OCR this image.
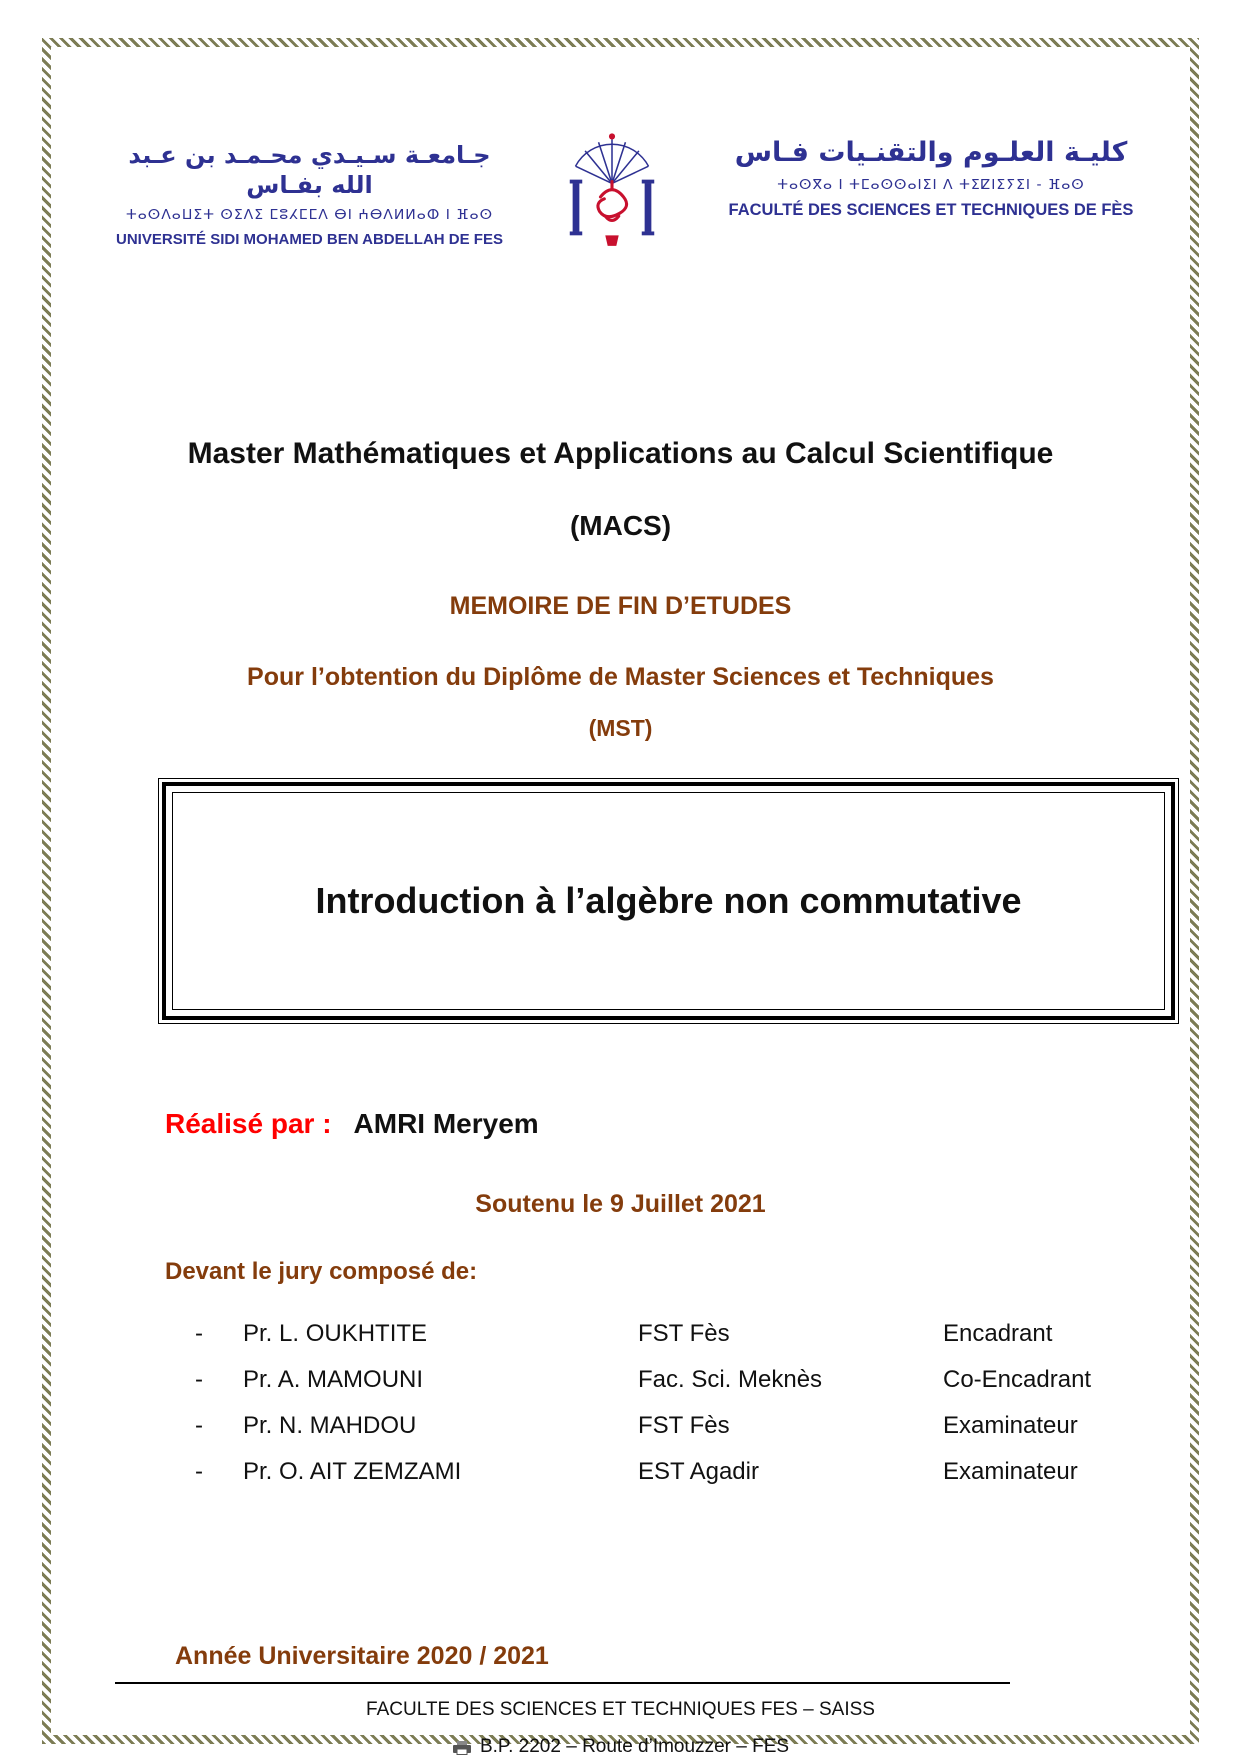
جـامعـة سـيـدي محـمـد بن عـبد الله بفـاس
ⵜⴰⵙⴷⴰⵡⵉⵜ ⵙⵉⴷⵉ ⵎⵓⵃⵎⵎⴷ ⴱⵏ ⵄⴱⴷⵍⵍⴰⵀ ⵏ ⴼⴰⵙ
UNIVERSITÉ SIDI MOHAMED BEN ABDELLAH DE FES
كليـة العلـوم والتقنـيات فـاس
ⵜⴰⵙⴳⴰ ⵏ ⵜⵎⴰⵙⵙⴰⵏⵉⵏ ⴷ ⵜⵉⵇⵏⵉⵢⵉⵏ - ⴼⴰⵙ
FACULTÉ DES SCIENCES ET TECHNIQUES DE FÈS
Master Mathématiques et Applications au Calcul Scientifique
(MACS)
MEMOIRE DE FIN D’ETUDES
Pour l’obtention du Diplôme de Master Sciences et Techniques
(MST)
Introduction à l’algèbre non commutative
Réalisé par : AMRI Meryem
Soutenu le 9 Juillet 2021
Devant le jury composé de:
-	Pr. L. OUKHTITE	FST Fès	Encadrant
-	Pr. A. MAMOUNI	Fac. Sci. Meknès	Co-Encadrant
-	Pr. N. MAHDOU	FST Fès	Examinateur
-	Pr. O. AIT ZEMZAMI	EST Agadir	Examinateur
Année Universitaire 2020 / 2021
FACULTE DES SCIENCES ET TECHNIQUES FES – SAISS
B.P. 2202 – Route d’Imouzzer – FES
